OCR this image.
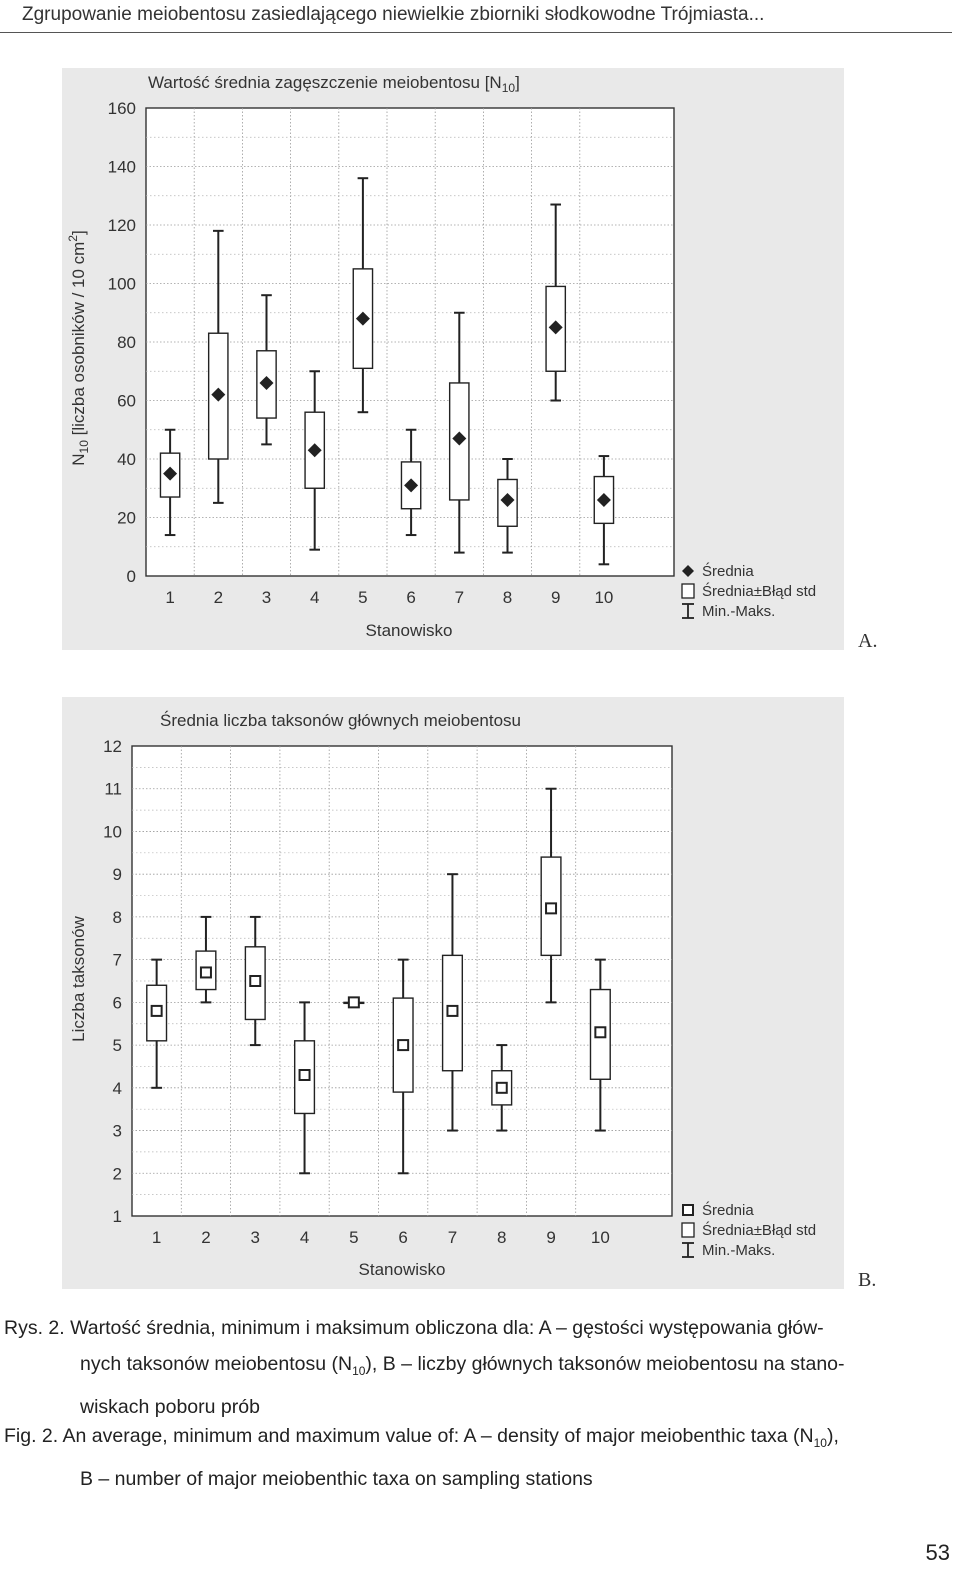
Zgrupowanie meiobentosu zasiedlającego niewielkie zbiorniki słodkowodne Trójmiasta...
Wartość średnia zagęszczenie meiobentosu $[N_{10}]$
$N_{10}$ [liczba osobników / 10 $cm^2$]
Stanowisko
0
20
40
60
80
100
120
140
160
1 2 3 4 5 6 7 8 9 10
Średnia
Średnia±Błąd std
Min.-Maks.
A.
Średnia liczba taksonów głównych meiobentosu
Liczba taksonów
Stanowisko
1
2
3
4
5
6
7
8
9
10
11
12
1 2 3 4 5 6 7 8 9 10
Średnia
Średnia±Błąd std
Min.-Maks.
B.
Rys. 2. Wartość średnia, minimum i maksimum obliczona dla: A – gęstości występowania głów-
nych taksonów meiobentosu $(N_{10})$, B – liczby głównych taksonów meiobentosu na stano-
wiskach poboru prób
Fig. 2. An average, minimum and maximum value of: A – density of major meiobenthic taxa $(N_{10})$,
B – number of major meiobenthic taxa on sampling stations
53
